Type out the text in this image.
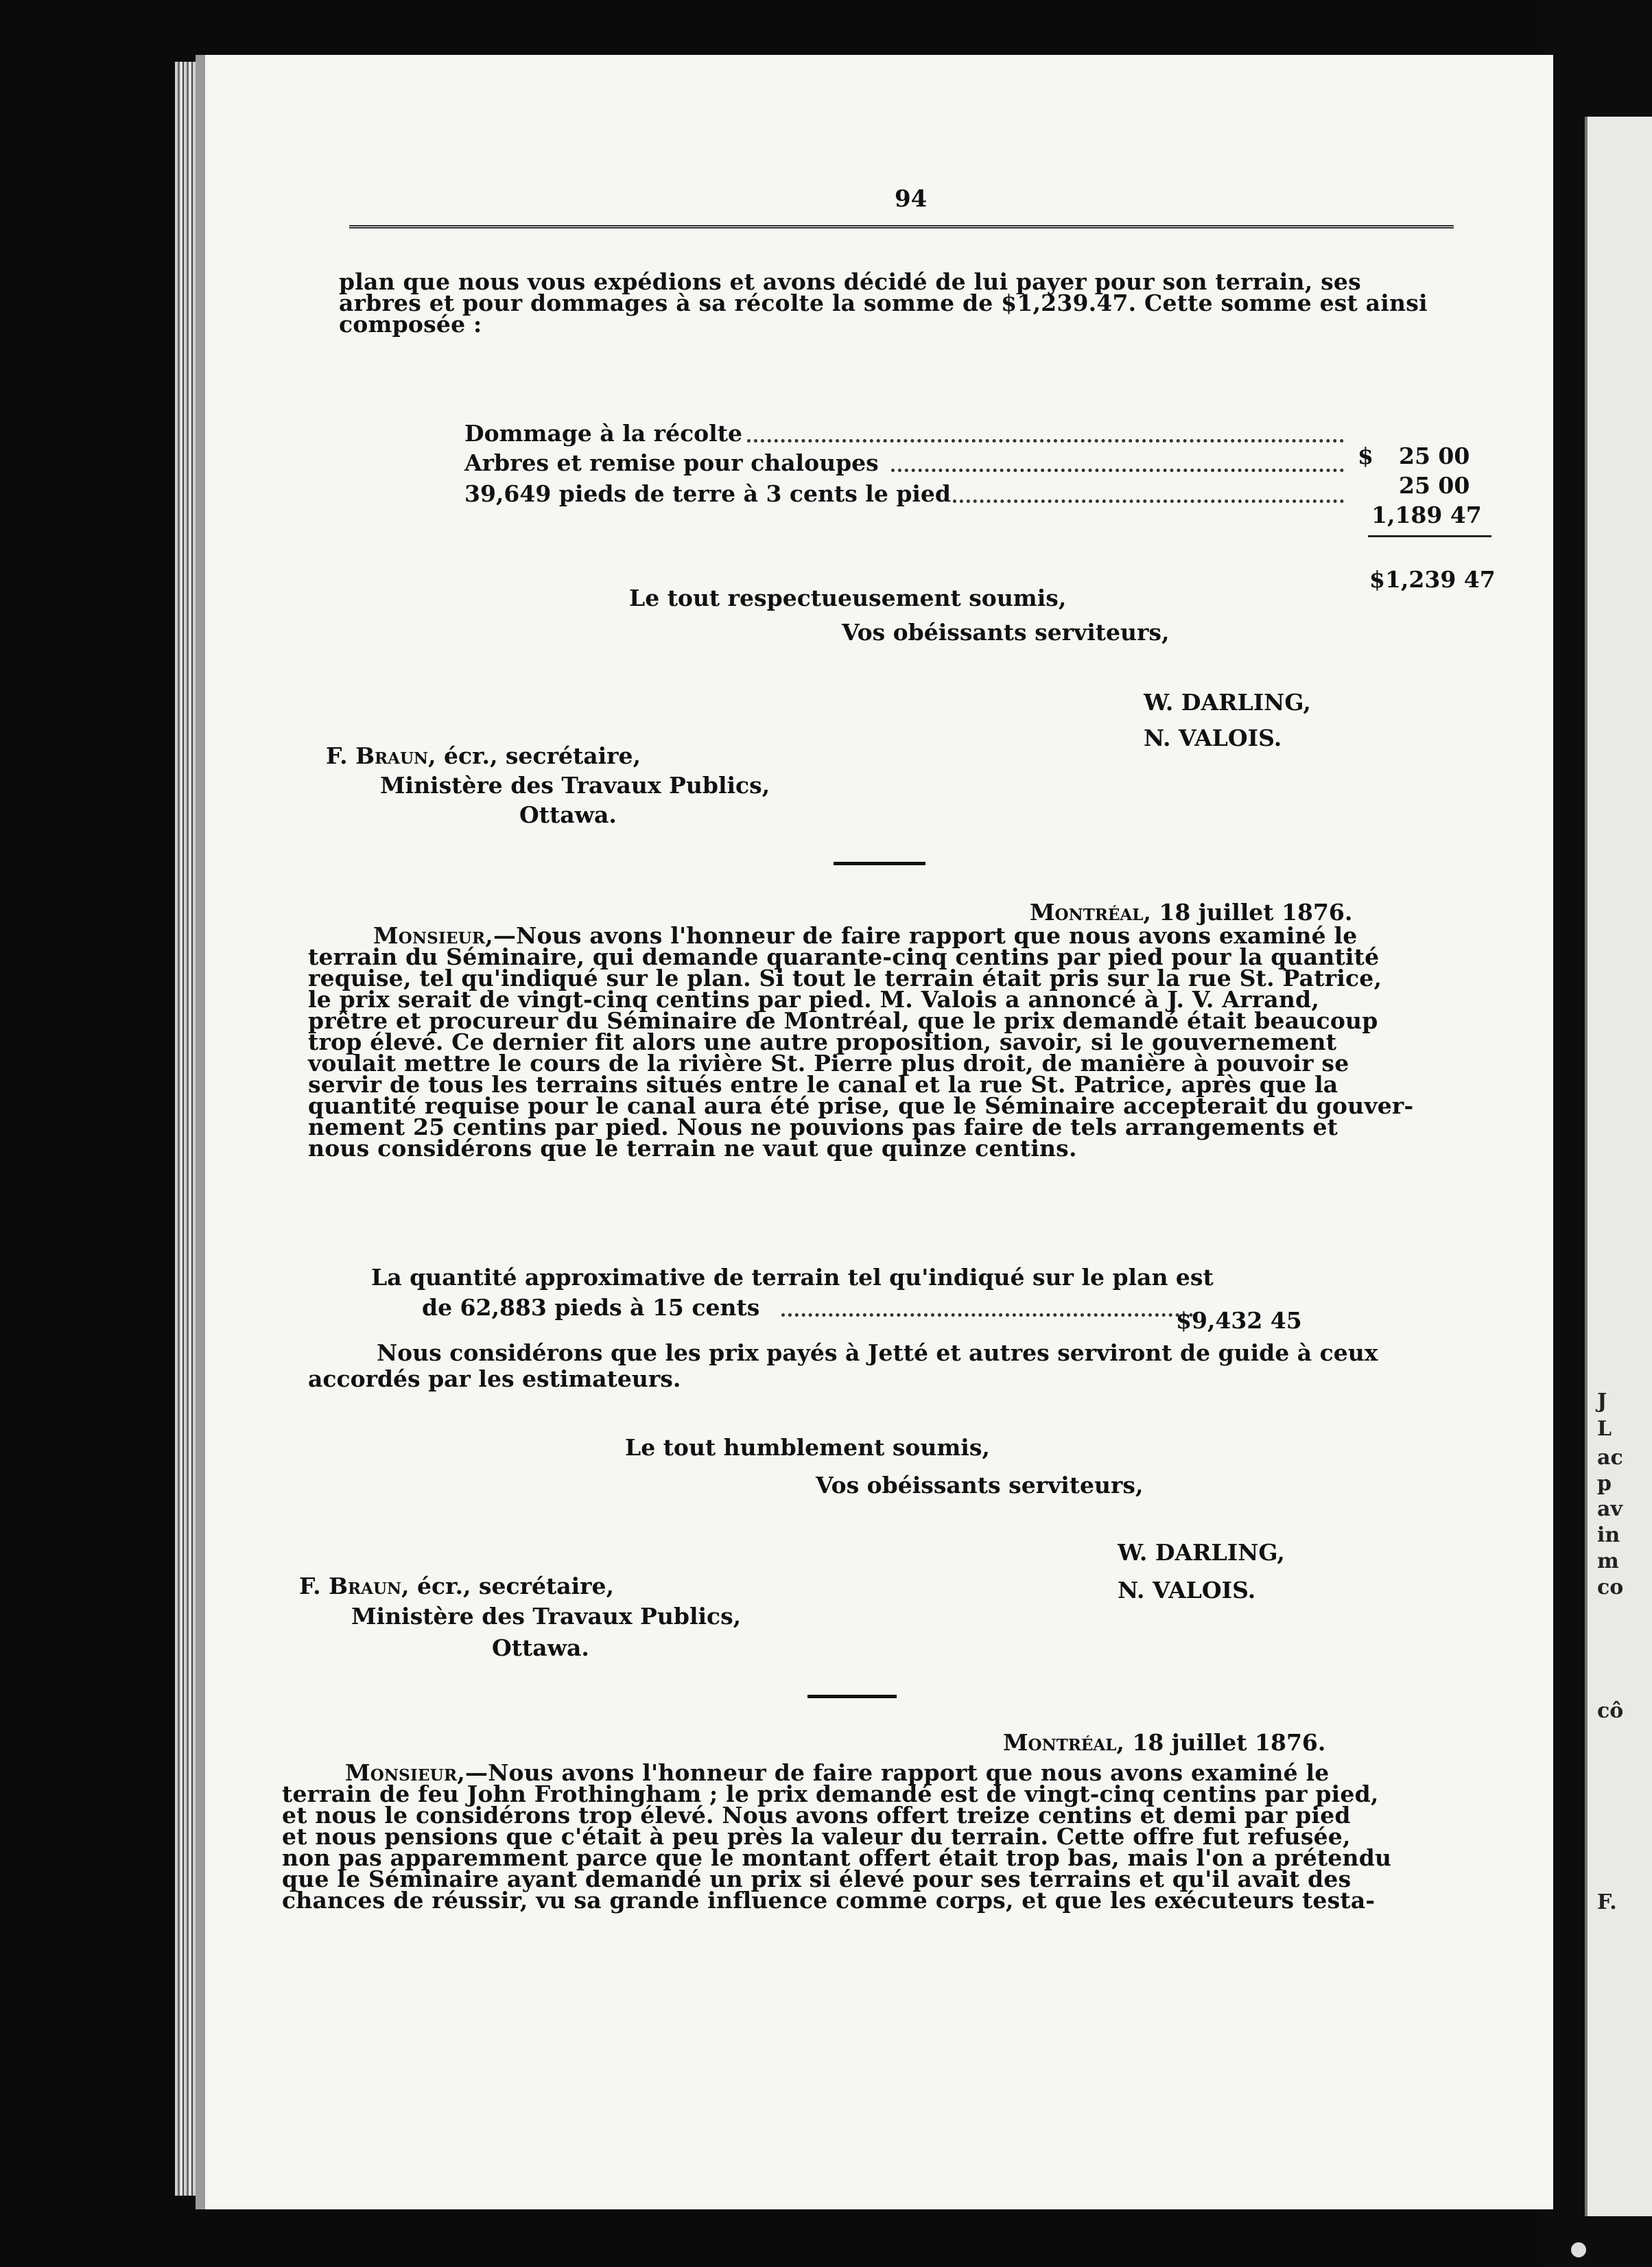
J
L
ac
p
av
in
m
co
cô
F.
94
plan que nous vous expédions et avons décidé de lui payer pour son terrain, ses
arbres et pour dommages à sa récolte la somme de $1,239.47. Cette somme est ainsi
composée :
Dommage à la récolte
Arbres et remise pour chaloupes
39,649 pieds de terre à 3 cents le pied
$ 25 00
25 00
1,189 47
$1,239 47
Le tout respectueusement soumis,
Vos obéissants serviteurs,
W. DARLING,
N. VALOIS.
F. Braun, écr., secrétaire,
Ministère des Travaux Publics,
Ottawa.
Montréal, 18 juillet 1876.
Monsieur,—Nous avons l'honneur de faire rapport que nous avons examiné le
terrain du Séminaire, qui demande quarante-cinq centins par pied pour la quantité
requise, tel qu'indiqué sur le plan. Si tout le terrain était pris sur la rue St. Patrice,
le prix serait de vingt-cinq centins par pied. M. Valois a annoncé à J. V. Arrand,
prêtre et procureur du Séminaire de Montréal, que le prix demandé était beaucoup
trop élevé. Ce dernier fit alors une autre proposition, savoir, si le gouvernement
voulait mettre le cours de la rivière St. Pierre plus droit, de manière à pouvoir se
servir de tous les terrains situés entre le canal et la rue St. Patrice, après que la
quantité requise pour le canal aura été prise, que le Séminaire accepterait du gouver-
nement 25 centins par pied. Nous ne pouvions pas faire de tels arrangements et
nous considérons que le terrain ne vaut que quinze centins.
La quantité approximative de terrain tel qu'indiqué sur le plan est
de 62,883 pieds à 15 cents	$9,432 45
Nous considérons que les prix payés à Jetté et autres serviront de guide à ceux
accordés par les estimateurs.
Le tout humblement soumis,
Vos obéissants serviteurs,
W. DARLING,
N. VALOIS.
F. Braun, écr., secrétaire,
Ministère des Travaux Publics,
Ottawa.
Montréal, 18 juillet 1876.
Monsieur,—Nous avons l'honneur de faire rapport que nous avons examiné le
terrain de feu John Frothingham ; le prix demandé est de vingt-cinq centins par pied,
et nous le considérons trop élevé. Nous avons offert treize centins et demi par pied
et nous pensions que c'était à peu près la valeur du terrain. Cette offre fut refusée,
non pas apparemment parce que le montant offert était trop bas, mais l'on a prétendu
que le Séminaire ayant demandé un prix si élevé pour ses terrains et qu'il avait des
chances de réussir, vu sa grande influence comme corps, et que les exécuteurs testa-
